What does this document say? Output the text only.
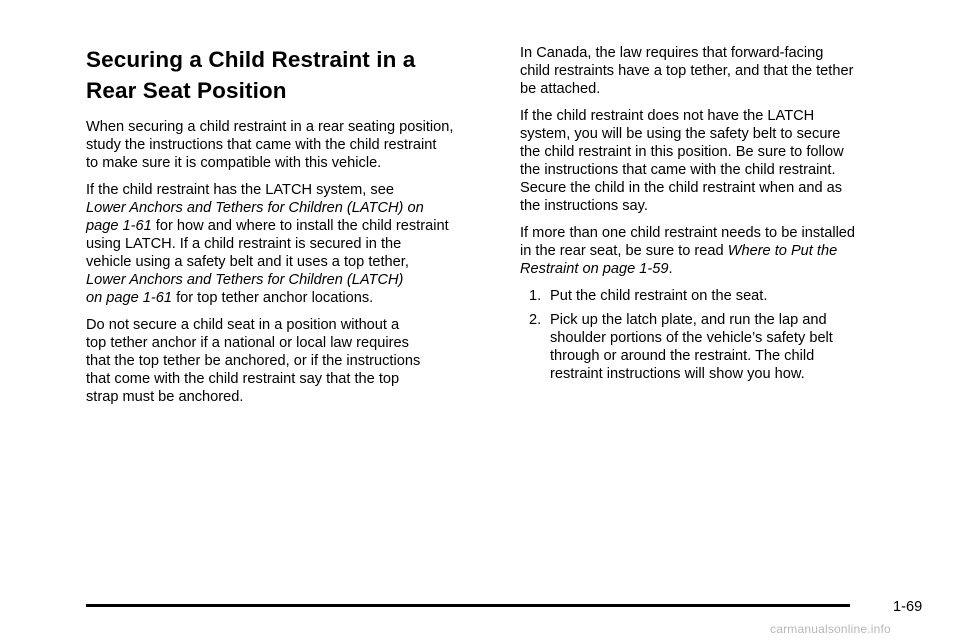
Securing a Child Restraint in a
Rear Seat Position

When securing a child restraint in a rear seating position,
study the instructions that came with the child restraint
to make sure it is compatible with this vehicle.

If the child restraint has the LATCH system, see
Lower Anchors and Tethers for Children (LATCH) on
page 1-61 for how and where to install the child restraint
using LATCH. If a child restraint is secured in the
vehicle using a safety belt and it uses a top tether,
Lower Anchors and Tethers for Children (LATCH)
on page 1-61 for top tether anchor locations.

Do not secure a child seat in a position without a
top tether anchor if a national or local law requires
that the top tether be anchored, or if the instructions
that come with the child restraint say that the top
strap must be anchored.

In Canada, the law requires that forward-facing
child restraints have a top tether, and that the tether
be attached.

If the child restraint does not have the LATCH
system, you will be using the safety belt to secure
the child restraint in this position. Be sure to follow
the instructions that came with the child restraint.
Secure the child in the child restraint when and as
the instructions say.

If more than one child restraint needs to be installed
in the rear seat, be sure to read Where to Put the
Restraint on page 1-59.

1. Put the child restraint on the seat.
2. Pick up the latch plate, and run the lap and
shoulder portions of the vehicle’s safety belt
through or around the restraint. The child
restraint instructions will show you how.
1-69
carmanualsonline.info
